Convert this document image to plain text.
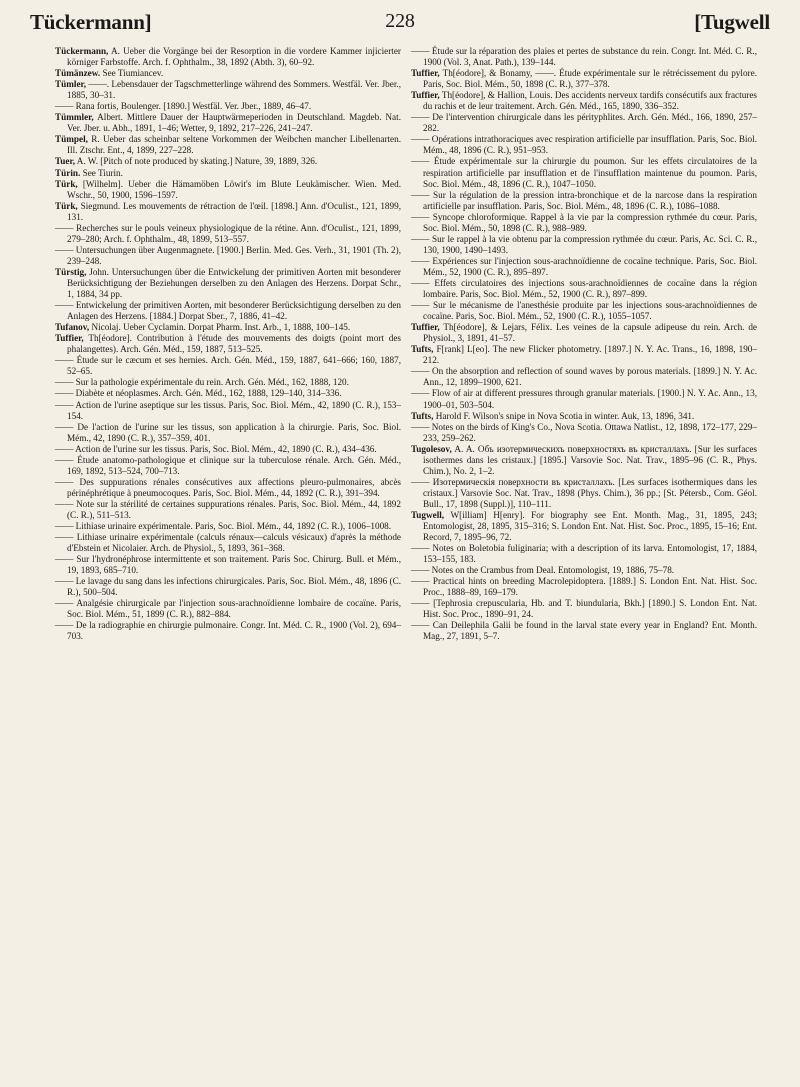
Tückermann]	228	[Tugwell

Tückermann, A. Ueber die Vorgänge bei der Resorption in die vordere Kammer injicierter körniger Farbstoffe. Arch. f. Ophthalm., 38, 1892 (Abth. 3), 60–92.

Tümänzew. See Tiumiancev.

Tümler, ——. Lebensdauer der Tagschmetterlinge während des Sommers. Westfäl. Ver. Jber., 1885, 30–31.

—— Rana fortis, Boulenger. [1890.] Westfäl. Ver. Jber., 1889, 46–47.

Tümmler, Albert. Mittlere Dauer der Hauptwärmeperioden in Deutschland. Magdeb. Nat. Ver. Jber. u. Abh., 1891, 1–46; Wetter, 9, 1892, 217–226, 241–247.

Tümpel, R. Ueber das scheinbar seltene Vorkommen der Weibchen mancher Libellenarten. Ill. Ztschr. Ent., 4, 1899, 227–228.

Tuer, A. W. [Pitch of note produced by skating.] Nature, 39, 1889, 326.

Türin. See Tiurin.

Türk, [Wilhelm]. Ueber die Hämamöben Löwit's im Blute Leukämischer. Wien. Med. Wschr., 50, 1900, 1596–1597.

Türk, Siegmund. Les mouvements de rétraction de l'œil. [1898.] Ann. d'Oculist., 121, 1899, 131.

—— Recherches sur le pouls veineux physiologique de la rétine. Ann. d'Oculist., 121, 1899, 279–280; Arch. f. Ophthalm., 48, 1899, 513–557.

—— Untersuchungen über Augenmagnete. [1900.] Berlin. Med. Ges. Verh., 31, 1901 (Th. 2), 239–248.

Türstig, John. Untersuchungen über die Entwickelung der primitiven Aorten mit besonderer Berücksichtigung der Beziehungen derselben zu den Anlagen des Herzens. Dorpat Schr., 1, 1884, 34 pp.

—— Entwickelung der primitiven Aorten, mit besonderer Berücksichtigung derselben zu den Anlagen des Herzens. [1884.] Dorpat Sber., 7, 1886, 41–42.

Tufanov, Nicolaj. Ueber Cyclamin. Dorpat Pharm. Inst. Arb., 1, 1888, 100–145.

Tuffier, Th[éodore]. Contribution à l'étude des mouvements des doigts (point mort des phalangettes). Arch. Gén. Méd., 159, 1887, 513–525.

—— Étude sur le cæcum et ses hernies. Arch. Gén. Méd., 159, 1887, 641–666; 160, 1887, 52–65.

—— Sur la pathologie expérimentale du rein. Arch. Gén. Méd., 162, 1888, 120.

—— Diabète et néoplasmes. Arch. Gén. Méd., 162, 1888, 129–140, 314–336.

—— Action de l'urine aseptique sur les tissus. Paris, Soc. Biol. Mém., 42, 1890 (C. R.), 153–154.

—— De l'action de l'urine sur les tissus, son application à la chirurgie. Paris, Soc. Biol. Mém., 42, 1890 (C. R.), 357–359, 401.

—— Action de l'urine sur les tissus. Paris, Soc. Biol. Mém., 42, 1890 (C. R.), 434–436.

—— Étude anatomo-pathologique et clinique sur la tuberculose rénale. Arch. Gén. Méd., 169, 1892, 513–524, 700–713.

—— Des suppurations rénales consécutives aux affections pleuro-pulmonaires, abcès périnéphrétique à pneumocoques. Paris, Soc. Biol. Mém., 44, 1892 (C. R.), 391–394.

—— Note sur la stérilité de certaines suppurations rénales. Paris, Soc. Biol. Mém., 44, 1892 (C. R.), 511–513.

—— Lithiase urinaire expérimentale. Paris, Soc. Biol. Mém., 44, 1892 (C. R.), 1006–1008.

—— Lithiase urinaire expérimentale (calculs rénaux—calculs vésicaux) d'après la méthode d'Ebstein et Nicolaier. Arch. de Physiol., 5, 1893, 361–368.

—— Sur l'hydronéphrose intermittente et son traitement. Paris Soc. Chirurg. Bull. et Mém., 19, 1893, 685–710.

—— Le lavage du sang dans les infections chirurgicales. Paris, Soc. Biol. Mém., 48, 1896 (C. R.), 500–504.

—— Analgésie chirurgicale par l'injection sous-arachnoïdienne lombaire de cocaïne. Paris, Soc. Biol. Mém., 51, 1899 (C. R.), 882–884.

—— De la radiographie en chirurgie pulmonaire. Congr. Int. Méd. C. R., 1900 (Vol. 2), 694–703.

—— Étude sur la réparation des plaies et pertes de substance du rein. Congr. Int. Méd. C. R., 1900 (Vol. 3, Anat. Path.), 139–144.

Tuffier, Th[éodore], & Bonamy, ——. Étude expérimentale sur le rétrécissement du pylore. Paris, Soc. Biol. Mém., 50, 1898 (C. R.), 377–378.

Tuffier, Th[éodore], & Hallion, Louis. Des accidents nerveux tardifs consécutifs aux fractures du rachis et de leur traitement. Arch. Gén. Méd., 165, 1890, 336–352.

—— De l'intervention chirurgicale dans les pérityphlites. Arch. Gén. Méd., 166, 1890, 257–282.

—— Opérations intrathoraciques avec respiration artificielle par insufflation. Paris, Soc. Biol. Mém., 48, 1896 (C. R.), 951–953.

—— Étude expérimentale sur la chirurgie du poumon. Sur les effets circulatoires de la respiration artificielle par insufflation et de l'insufflation maintenue du poumon. Paris, Soc. Biol. Mém., 48, 1896 (C. R.), 1047–1050.

—— Sur la régulation de la pression intra-bronchique et de la narcose dans la respiration artificielle par insufflation. Paris, Soc. Biol. Mém., 48, 1896 (C. R.), 1086–1088.

—— Syncope chloroformique. Rappel à la vie par la compression rythmée du cœur. Paris, Soc. Biol. Mém., 50, 1898 (C. R.), 988–989.

—— Sur le rappel à la vie obtenu par la compression rythmée du cœur. Paris, Ac. Sci. C. R., 130, 1900, 1490–1493.

—— Expériences sur l'injection sous-arachnoïdienne de cocaïne technique. Paris, Soc. Biol. Mém., 52, 1900 (C. R.), 895–897.

—— Effets circulatoires des injections sous-arachnoïdiennes de cocaïne dans la région lombaire. Paris, Soc. Biol. Mém., 52, 1900 (C. R.), 897–899.

—— Sur le mécanisme de l'anesthésie produite par les injections sous-arachnoïdiennes de cocaïne. Paris, Soc. Biol. Mém., 52, 1900 (C. R.), 1055–1057.

Tuffier, Th[éodore], & Lejars, Félix. Les veines de la capsule adipeuse du rein. Arch. de Physiol., 3, 1891, 41–57.

Tufts, F[rank] L[eo]. The new Flicker photometry. [1897.] N. Y. Ac. Trans., 16, 1898, 190–212.

—— On the absorption and reflection of sound waves by porous materials. [1899.] N. Y. Ac. Ann., 12, 1899–1900, 621.

—— Flow of air at different pressures through granular materials. [1900.] N. Y. Ac. Ann., 13, 1900–01, 503–504.

Tufts, Harold F. Wilson's snipe in Nova Scotia in winter. Auk, 13, 1896, 341.

—— Notes on the birds of King's Co., Nova Scotia. Ottawa Natlist., 12, 1898, 172–177, 229–233, 259–262.

Tugolesov, A. A. Объ изотермическихъ поверхностяхъ въ кристаллахъ. [Sur les surfaces isothermes dans les cristaux.] [1895.] Varsovie Soc. Nat. Trav., 1895–96 (C. R., Phys. Chim.), No. 2, 1–2.

—— Изотермическія поверхности въ кристаллахъ. [Les surfaces isothermiques dans les cristaux.] Varsovie Soc. Nat. Trav., 1898 (Phys. Chim.), 36 pp.; [St. Pétersb., Com. Géol. Bull., 17, 1898 (Suppl.)], 110–111.

Tugwell, W[illiam] H[enry]. For biography see Ent. Month. Mag., 31, 1895, 243; Entomologist, 28, 1895, 315–316; S. London Ent. Nat. Hist. Soc. Proc., 1895, 15–16; Ent. Record, 7, 1895–96, 72.

—— Notes on Boletobia fuliginaria; with a description of its larva. Entomologist, 17, 1884, 153–155, 183.

—— Notes on the Crambus from Deal. Entomologist, 19, 1886, 75–78.

—— Practical hints on breeding Macrolepidoptera. [1889.] S. London Ent. Nat. Hist. Soc. Proc., 1888–89, 169–179.

—— [Tephrosia crepuscularia, Hb. and T. biundularia, Bkh.] [1890.] S. London Ent. Nat. Hist. Soc. Proc., 1890–91, 24.

—— Can Deilephila Galii be found in the larval state every year in England? Ent. Month. Mag., 27, 1891, 5–7.
